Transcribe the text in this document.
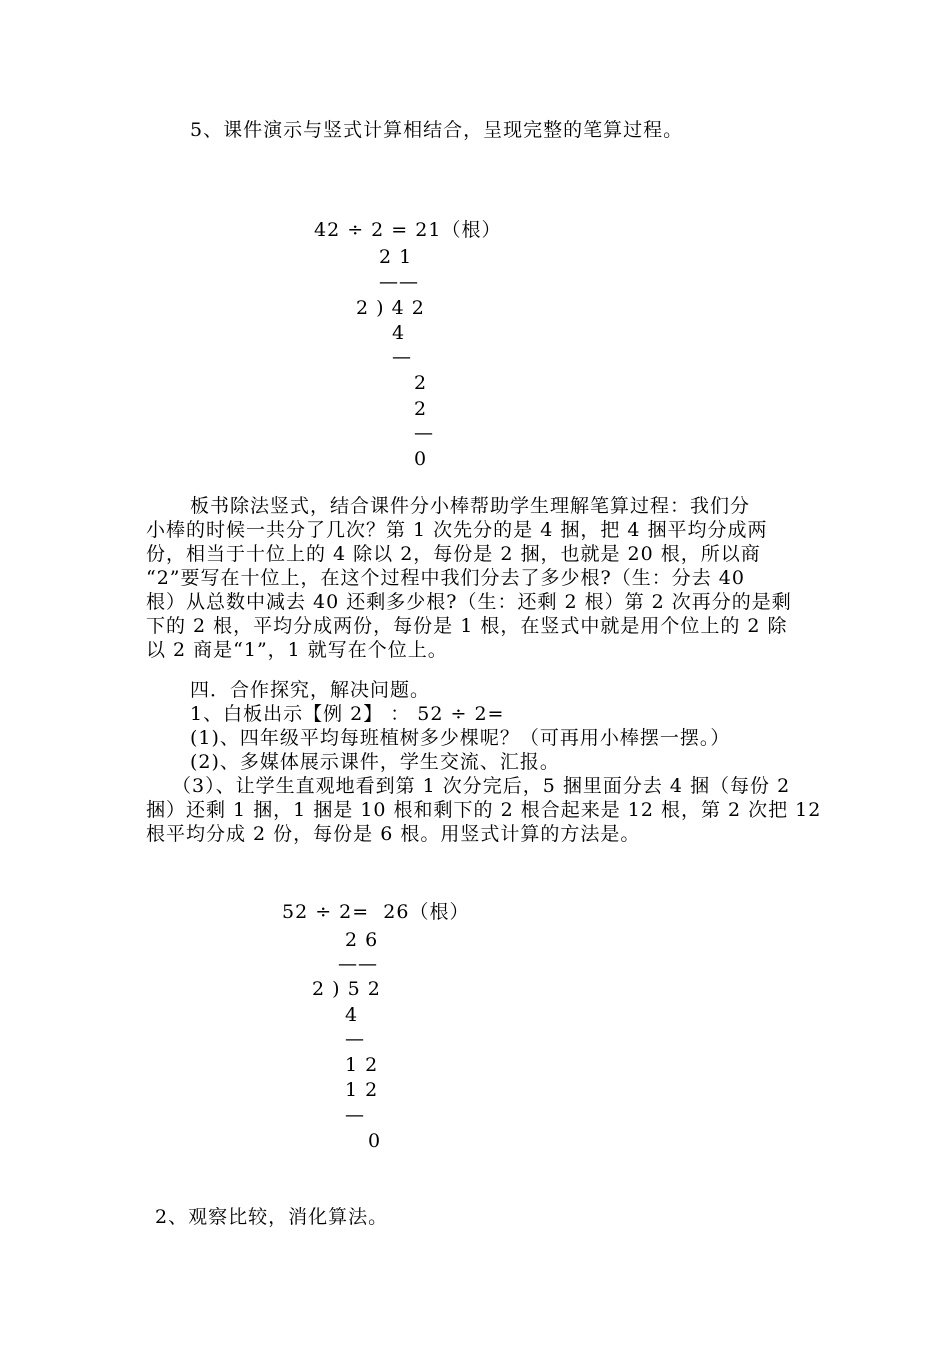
5、课件演示与竖式计算相结合，呈现完整的笔算过程。
42 ÷ 2 = 21（根）
2 1
——
2 ) 4 2
4
—
2
2
—
0
板书除法竖式，结合课件分小棒帮助学生理解笔算过程：我们分
小棒的时候一共分了几次？第 1 次先分的是 4 捆，把 4 捆平均分成两
份，相当于十位上的 4 除以 2，每份是 2 捆，也就是 20 根，所以商
“2”要写在十位上，在这个过程中我们分去了多少根?（生：分去 40
根）从总数中减去 40 还剩多少根?（生：还剩 2 根）第 2 次再分的是剩
下的 2 根，平均分成两份，每份是 1 根，在竖式中就是用个位上的 2 除
以 2 商是“1”，1 就写在个位上。
四．合作探究，解决问题。
1、白板出示【例 2】 ： 52 ÷ 2=
(1)、四年级平均每班植树多少棵呢？（可再用小棒摆一摆。）
(2)、多媒体展示课件，学生交流、汇报。
（3）、让学生直观地看到第 1 次分完后，5 捆里面分去 4 捆（每份 2
捆）还剩 1 捆，1 捆是 10 根和剩下的 2 根合起来是 12 根，第 2 次把 12
根平均分成 2 份，每份是 6 根。用竖式计算的方法是。
52 ÷ 2=  26（根）
2 6
——
2 ) 5 2
4
—
1 2
1 2
—
0
2、观察比较，消化算法。
